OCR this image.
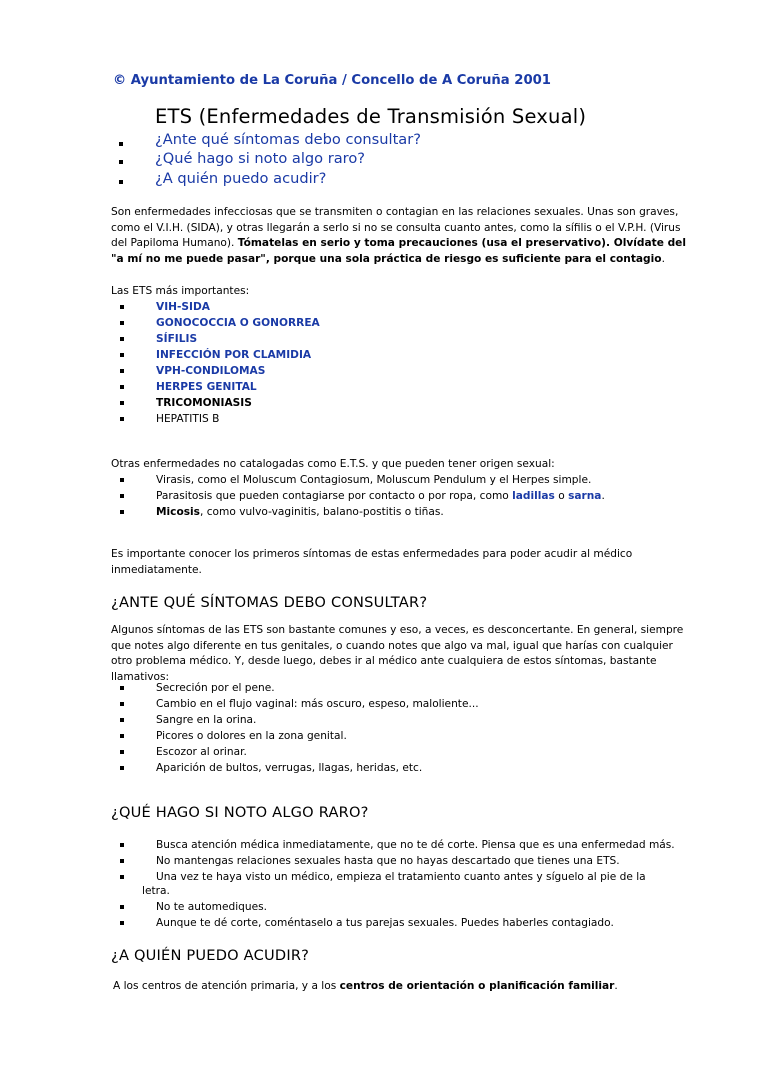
© Ayuntamiento de La Coruña / Concello de A Coruña 2001
ETS (Enfermedades de Transmisión Sexual)
¿Ante qué síntomas debo consultar?
¿Qué hago si noto algo raro?
¿A quién puedo acudir?

Son enfermedades infecciosas que se transmiten o contagian en las relaciones sexuales. Unas son graves, como el V.I.H. (SIDA), y otras llegarán a serlo si no se consulta cuanto antes, como la sífilis o el V.P.H. (Virus del Papiloma Humano). Tómatelas en serio y toma precauciones (usa el preservativo). Olvídate del "a mí no me puede pasar", porque una sola práctica de riesgo es suficiente para el contagio.

Las ETS más importantes:
VIH-SIDA
GONOCOCCIA O GONORREA
SÍFILIS
INFECCIÓN POR CLAMIDIA
VPH-CONDILOMAS
HERPES GENITAL
TRICOMONIASIS
HEPATITIS B
Otras enfermedades no catalogadas como E.T.S. y que pueden tener origen sexual:
Virasis, como el Moluscum Contagiosum, Moluscum Pendulum y el Herpes simple.
Parasitosis que pueden contagiarse por contacto o por ropa, como ladillas o sarna.
Micosis, como vulvo-vaginitis, balano-postitis o tiñas.

Es importante conocer los primeros síntomas de estas enfermedades para poder acudir al médico inmediatamente.

¿ANTE QUÉ SÍNTOMAS DEBO CONSULTAR?

Algunos síntomas de las ETS son bastante comunes y eso, a veces, es desconcertante. En general, siempre que notes algo diferente en tus genitales, o cuando notes que algo va mal, igual que harías con cualquier otro problema médico. Y, desde luego, debes ir al médico ante cualquiera de estos síntomas, bastante llamativos:

Secreción por el pene.
Cambio en el flujo vaginal: más oscuro, espeso, maloliente...
Sangre en la orina.
Picores o dolores en la zona genital.
Escozor al orinar.
Aparición de bultos, verrugas, llagas, heridas, etc.
¿QUÉ HAGO SI NOTO ALGO RARO?
Busca atención médica inmediatamente, que no te dé corte. Piensa que es una enfermedad más.
No mantengas relaciones sexuales hasta que no hayas descartado que tienes una ETS.
Una vez te haya visto un médico, empieza el tratamiento cuanto antes y síguelo al pie de la
letra.
No te automediques.
Aunque te dé corte, coméntaselo a tus parejas sexuales. Puedes haberles contagiado.
¿A QUIÉN PUEDO ACUDIR?
A los centros de atención primaria, y a los centros de orientación o planificación familiar.
